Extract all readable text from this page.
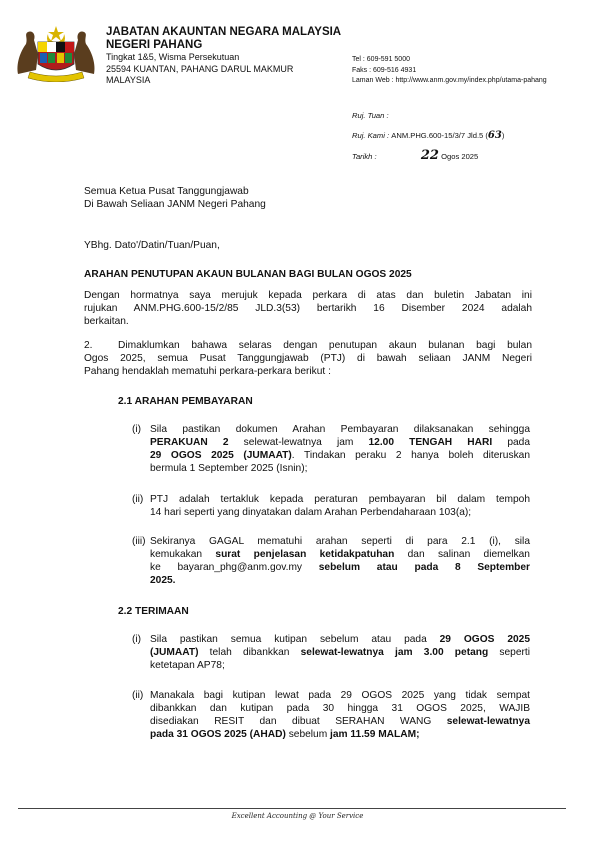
JABATAN AKAUNTAN NEGARA MALAYSIA
NEGERI PAHANG
Tingkat 1&5, Wisma Persekutuan
25594 KUANTAN, PAHANG DARUL MAKMUR
MALAYSIA
Tel : 609-591 5000
Faks : 609-516 4931
Laman Web : http://www.anm.gov.my/index.php/utama-pahang
Ruj. Tuan :
Ruj. Kami : ANM.PHG.600-15/3/7 Jld.5 (63)
Tarikh :	22 Ogos 2025
Semua Ketua Pusat Tanggungjawab
Di Bawah Seliaan JANM Negeri Pahang
YBhg. Dato'/Datin/Tuan/Puan,
ARAHAN PENUTUPAN AKAUN BULANAN BAGI BULAN OGOS 2025
Dengan hormatnya saya merujuk kepada perkara di atas dan buletin Jabatan ini
rujukan ANM.PHG.600-15/2/85 JLD.3(53) bertarikh 16 Disember 2024 adalah
berkaitan.
2.	Dimaklumkan bahawa selaras dengan penutupan akaun bulanan bagi bulan
Ogos 2025, semua Pusat Tanggungjawab (PTJ) di bawah seliaan JANM Negeri
Pahang hendaklah mematuhi perkara-perkara berikut :
2.1 ARAHAN PEMBAYARAN
(i) Sila pastikan dokumen Arahan Pembayaran dilaksanakan sehingga
PERAKUAN 2 selewat-lewatnya jam 12.00 TENGAH HARI pada
29 OGOS 2025 (JUMAAT). Tindakan peraku 2 hanya boleh diteruskan
bermula 1 September 2025 (Isnin);
(ii) PTJ adalah tertakluk kepada peraturan pembayaran bil dalam tempoh
14 hari seperti yang dinyatakan dalam Arahan Perbendaharaan 103(a);
(iii) Sekiranya GAGAL mematuhi arahan seperti di para 2.1 (i), sila
kemukakan surat penjelasan ketidakpatuhan dan salinan diemelkan
ke bayaran_phg@anm.gov.my sebelum atau pada 8 September
2025.
2.2 TERIMAAN
(i) Sila pastikan semua kutipan sebelum atau pada 29 OGOS 2025
(JUMAAT) telah dibankkan selewat-lewatnya jam 3.00 petang seperti
ketetapan AP78;
(ii) Manakala bagi kutipan lewat pada 29 OGOS 2025 yang tidak sempat
dibankkan dan kutipan pada 30 hingga 31 OGOS 2025, WAJIB
disediakan RESIT dan dibuat SERAHAN WANG selewat-lewatnya
pada 31 OGOS 2025 (AHAD) sebelum jam 11.59 MALAM;
Excellent Accounting @ Your Service
